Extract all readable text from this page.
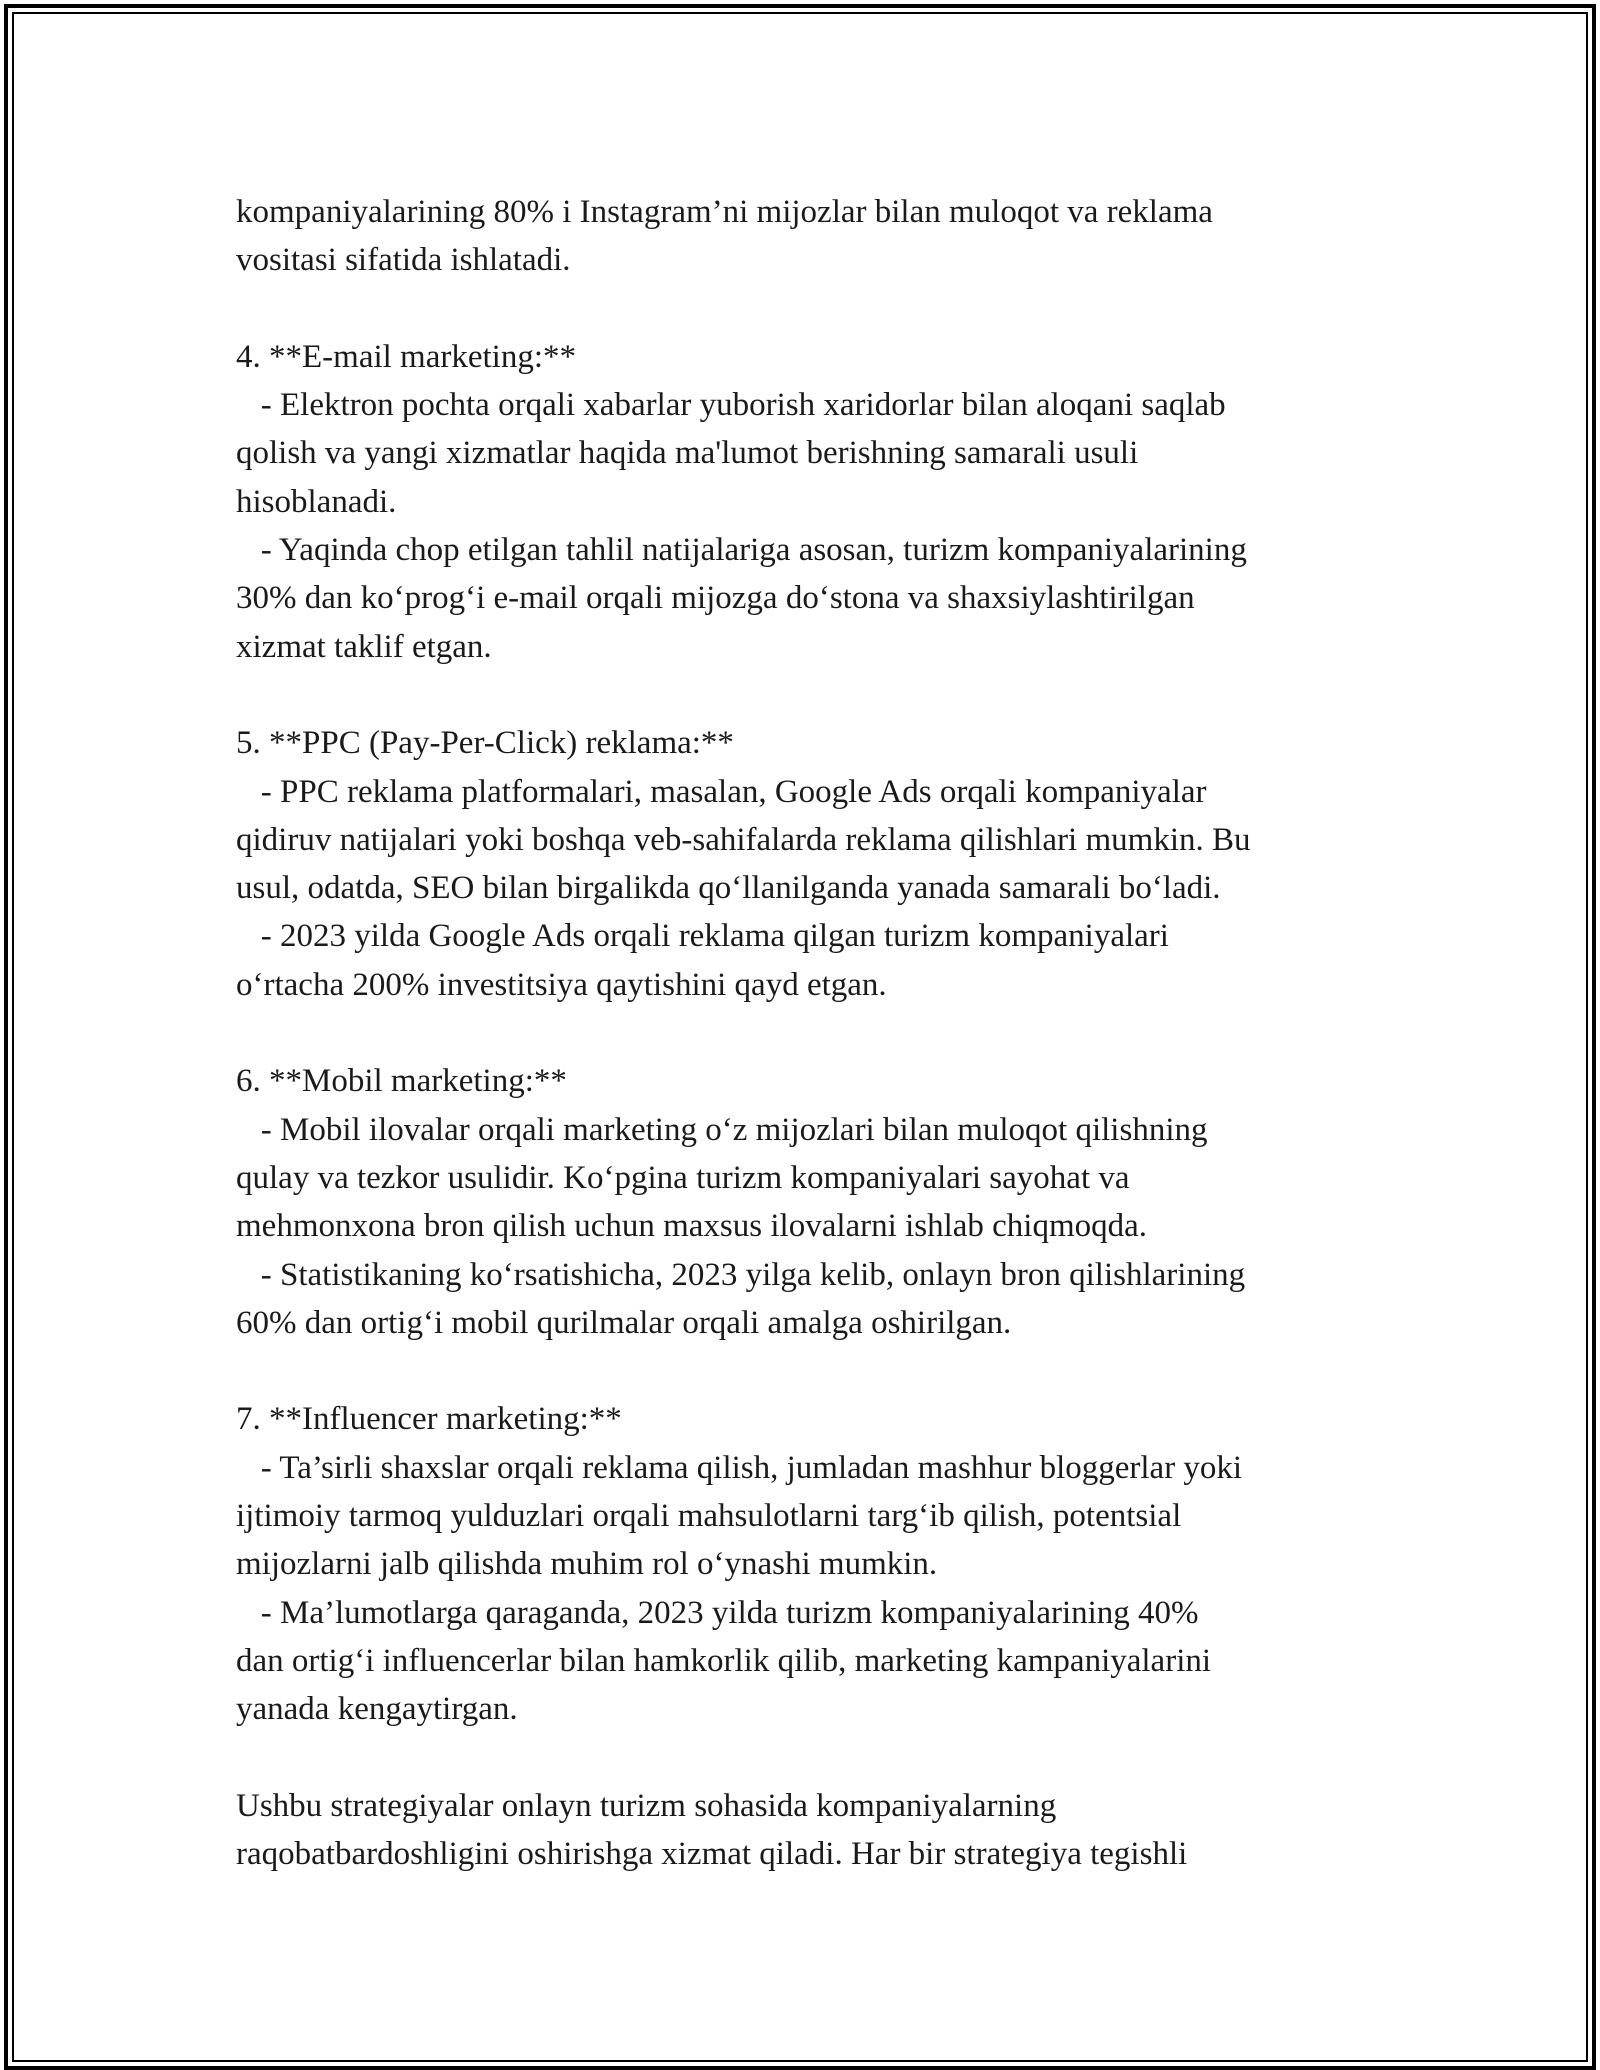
kompaniyalarining 80% i Instagram’ni mijozlar bilan muloqot va reklama
vositasi sifatida ishlatadi.
4. **E-mail marketing:**
- Elektron pochta orqali xabarlar yuborish xaridorlar bilan aloqani saqlab
qolish va yangi xizmatlar haqida ma'lumot berishning samarali usuli
hisoblanadi.
- Yaqinda chop etilgan tahlil natijalariga asosan, turizm kompaniyalarining
30% dan ko‘prog‘i e-mail orqali mijozga do‘stona va shaxsiylashtirilgan
xizmat taklif etgan.
5. **PPC (Pay-Per-Click) reklama:**
- PPC reklama platformalari, masalan, Google Ads orqali kompaniyalar
qidiruv natijalari yoki boshqa veb-sahifalarda reklama qilishlari mumkin. Bu
usul, odatda, SEO bilan birgalikda qo‘llanilganda yanada samarali bo‘ladi.
- 2023 yilda Google Ads orqali reklama qilgan turizm kompaniyalari
o‘rtacha 200% investitsiya qaytishini qayd etgan.
6. **Mobil marketing:**
- Mobil ilovalar orqali marketing o‘z mijozlari bilan muloqot qilishning
qulay va tezkor usulidir. Ko‘pgina turizm kompaniyalari sayohat va
mehmonxona bron qilish uchun maxsus ilovalarni ishlab chiqmoqda.
- Statistikaning ko‘rsatishicha, 2023 yilga kelib, onlayn bron qilishlarining
60% dan ortig‘i mobil qurilmalar orqali amalga oshirilgan.
7. **Influencer marketing:**
- Ta’sirli shaxslar orqali reklama qilish, jumladan mashhur bloggerlar yoki
ijtimoiy tarmoq yulduzlari orqali mahsulotlarni targ‘ib qilish, potentsial
mijozlarni jalb qilishda muhim rol o‘ynashi mumkin.
- Ma’lumotlarga qaraganda, 2023 yilda turizm kompaniyalarining 40%
dan ortig‘i influencerlar bilan hamkorlik qilib, marketing kampaniyalarini
yanada kengaytirgan.
Ushbu strategiyalar onlayn turizm sohasida kompaniyalarning
raqobatbardoshligini oshirishga xizmat qiladi. Har bir strategiya tegishli
